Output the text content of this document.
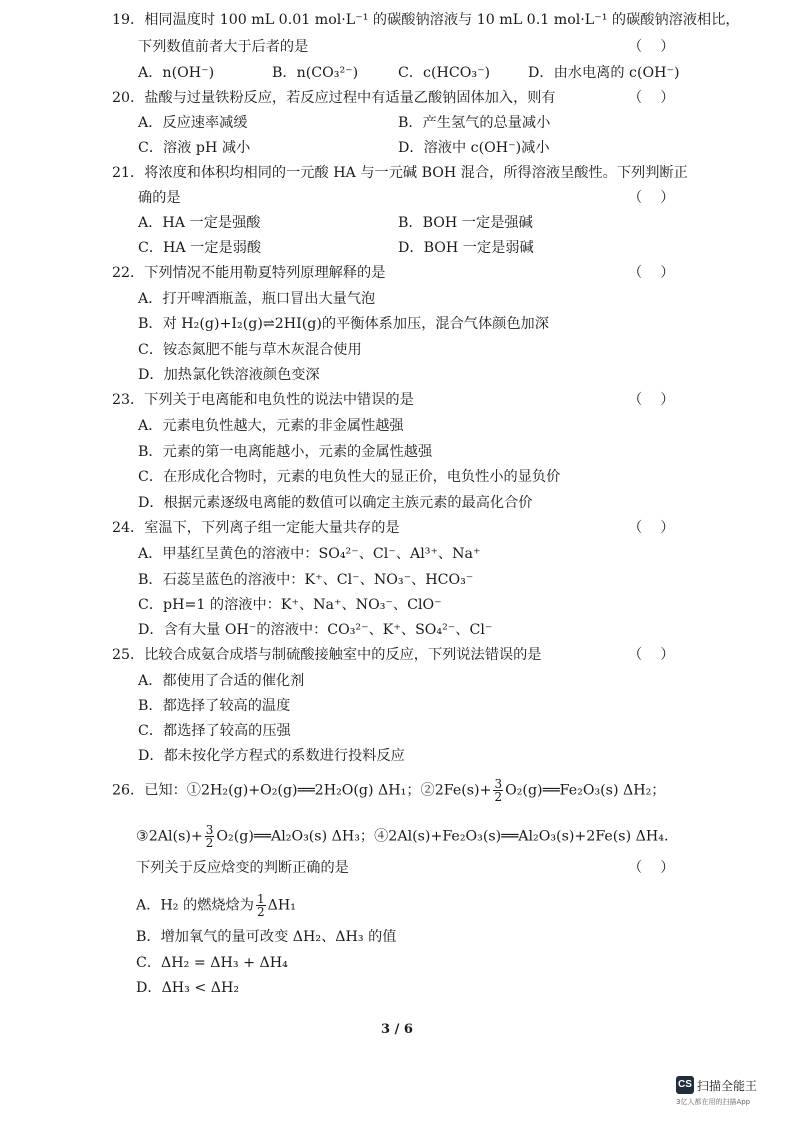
19．相同温度时 100 mL 0.01 mol·L⁻¹ 的碳酸钠溶液与 10 mL 0.1 mol·L⁻¹ 的碳酸钠溶液相比，
下列数值前者大于后者的是	（    ）
A．n(OH⁻)	B．n(CO₃²⁻)	C．c(HCO₃⁻)	D．由水电离的 c(OH⁻)
20．盐酸与过量铁粉反应，若反应过程中有适量乙酸钠固体加入，则有	（    ）
A．反应速率减缓	B．产生氢气的总量减小
C．溶液 pH 减小	D．溶液中 c(OH⁻)减小
21．将浓度和体积均相同的一元酸 HA 与一元碱 BOH 混合，所得溶液呈酸性。下列判断正
确的是	（    ）
A．HA 一定是强酸	B．BOH 一定是强碱
C．HA 一定是弱酸	D．BOH 一定是弱碱
22．下列情况不能用勒夏特列原理解释的是	（    ）
A．打开啤酒瓶盖，瓶口冒出大量气泡
B．对 H₂(g)+I₂(g)⇌2HI(g)的平衡体系加压，混合气体颜色加深
C．铵态氮肥不能与草木灰混合使用
D．加热氯化铁溶液颜色变深
23．下列关于电离能和电负性的说法中错误的是	（    ）
A．元素电负性越大，元素的非金属性越强
B．元素的第一电离能越小，元素的金属性越强
C．在形成化合物时，元素的电负性大的显正价，电负性小的显负价
D．根据元素逐级电离能的数值可以确定主族元素的最高化合价
24．室温下，下列离子组一定能大量共存的是	（    ）
A．甲基红呈黄色的溶液中：SO₄²⁻、Cl⁻、Al³⁺、Na⁺
B．石蕊呈蓝色的溶液中：K⁺、Cl⁻、NO₃⁻、HCO₃⁻
C．pH=1 的溶液中：K⁺、Na⁺、NO₃⁻、ClO⁻
D．含有大量 OH⁻的溶液中：CO₃²⁻、K⁺、SO₄²⁻、Cl⁻
25．比较合成氨合成塔与制硫酸接触室中的反应，下列说法错误的是	（    ）
A．都使用了合适的催化剂
B．都选择了较高的温度
C．都选择了较高的压强
D．都未按化学方程式的系数进行投料反应
26．已知：①2H₂(g)+O₂(g)══2H₂O(g) ΔH₁；②2Fe(s)+ $\frac{3}{2}$ O₂(g)══Fe₂O₃(s) ΔH₂；
③2Al(s)+ $\frac{3}{2}$ O₂(g)══Al₂O₃(s) ΔH₃；④2Al(s)+Fe₂O₃(s)══Al₂O₃(s)+2Fe(s) ΔH₄.
下列关于反应焓变的判断正确的是	（    ）
A．H₂ 的燃烧焓为 $\frac{1}{2} \Delta H_1$
B．增加氧气的量可改变 ΔH₂、ΔH₃ 的值
C．ΔH₂ = ΔH₃ + ΔH₄
D．ΔH₃ < ΔH₂
3 / 6
CS 扫描全能王
3亿人都在用的扫描App
